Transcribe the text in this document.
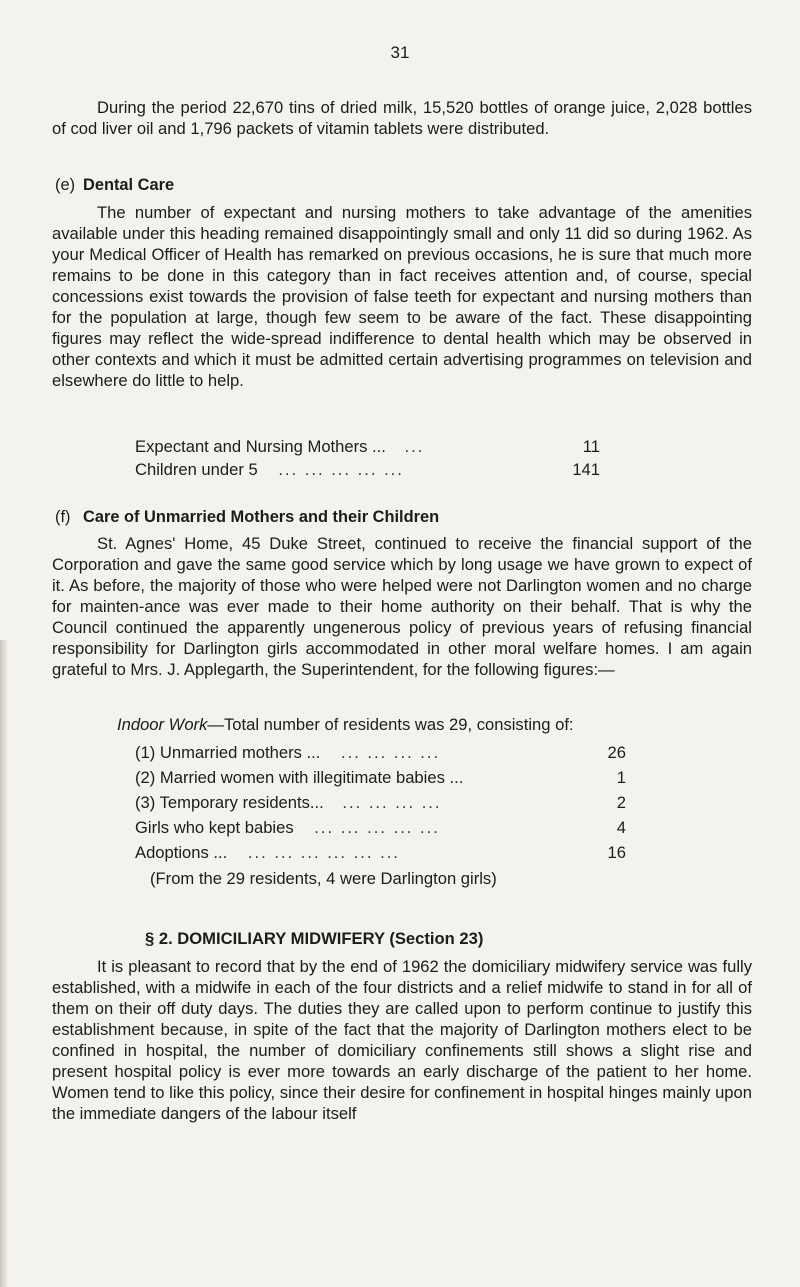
31

During the period 22,670 tins of dried milk, 15,520 bottles of orange juice, 2,028 bottles of cod liver oil and 1,796 packets of vitamin tablets were distributed.

(e) Dental Care

The number of expectant and nursing mothers to take advantage of the amenities available under this heading remained disappointingly small and only 11 did so during 1962. As your Medical Officer of Health has remarked on previous occasions, he is sure that much more remains to be done in this category than in fact receives attention and, of course, special concessions exist towards the provision of false teeth for expectant and nursing mothers than for the population at large, though few seem to be aware of the fact. These disappointing figures may reflect the wide-spread indifference to dental health which may be observed in other contexts and which it must be admitted certain advertising programmes on television and elsewhere do little to help.

Expectant and Nursing Mothers ... ...	11
Children under 5 ... ... ... ... ...	141
(f) Care of Unmarried Mothers and their Children

St. Agnes' Home, 45 Duke Street, continued to receive the financial support of the Corporation and gave the same good service which by long usage we have grown to expect of it. As before, the majority of those who were helped were not Darlington women and no charge for mainten-ance was ever made to their home authority on their behalf. That is why the Council continued the apparently ungenerous policy of previous years of refusing financial responsibility for Darlington girls accommodated in other moral welfare homes. I am again grateful to Mrs. J. Applegarth, the Superintendent, for the following figures:—

Indoor Work—Total number of residents was 29, consisting of:
(1) Unmarried mothers ... ... ... ... ...	26
(2) Married women with illegitimate babies ...	1
(3) Temporary residents... ... ... ... ...	2
Girls who kept babies ... ... ... ... ...	4
Adoptions ... ... ... ... ... ... ...	16
(From the 29 residents, 4 were Darlington girls)
§ 2. DOMICILIARY MIDWIFERY (Section 23)

It is pleasant to record that by the end of 1962 the domiciliary midwifery service was fully established, with a midwife in each of the four districts and a relief midwife to stand in for all of them on their off duty days. The duties they are called upon to perform continue to justify this establishment because, in spite of the fact that the majority of Darlington mothers elect to be confined in hospital, the number of domiciliary confinements still shows a slight rise and present hospital policy is ever more towards an early discharge of the patient to her home. Women tend to like this policy, since their desire for confinement in hospital hinges mainly upon the immediate dangers of the labour itself
